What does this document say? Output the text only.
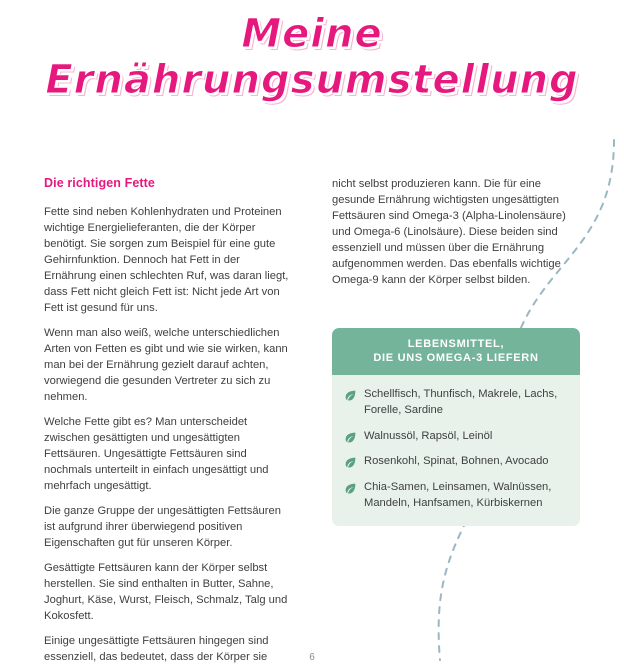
Meine
Ernährungsumstellung
Die richtigen Fette

Fette sind neben Kohlenhydraten und Proteinen wichtige Energielieferanten, die der Körper benötigt. Sie sorgen zum Beispiel für eine gute Gehirnfunktion. Dennoch hat Fett in der Ernährung einen schlechten Ruf, was daran liegt, dass Fett nicht gleich Fett ist: Nicht jede Art von Fett ist gesund für uns.

Wenn man also weiß, welche unterschiedlichen Arten von Fetten es gibt und wie sie wirken, kann man bei der Ernährung gezielt darauf achten, vorwiegend die gesunden Vertreter zu sich zu nehmen.

Welche Fette gibt es? Man unterscheidet zwischen gesättigten und ungesättigten Fettsäuren. Ungesättigte Fettsäuren sind nochmals unterteilt in einfach ungesättigt und mehrfach ungesättigt.

Die ganze Gruppe der ungesättigten Fettsäuren ist aufgrund ihrer überwiegend positiven Eigenschaften gut für unseren Körper.

Gesättigte Fettsäuren kann der Körper selbst herstellen. Sie sind enthalten in Butter, Sahne, Joghurt, Käse, Wurst, Fleisch, Schmalz, Talg und Kokosfett.

Einige ungesättigte Fettsäuren hingegen sind essenziell, das bedeutet, dass der Körper sie

nicht selbst produzieren kann. Die für eine gesunde Ernährung wichtigsten ungesättigten Fettsäuren sind Omega-3 (Alpha-Linolensäure) und Omega-6 (Linolsäure). Diese beiden sind essenziell und müssen über die Ernährung aufgenommen werden. Das ebenfalls wichtige Omega-9 kann der Körper selbst bilden.

LEBENSMITTEL,
DIE UNS OMEGA-3 LIEFERN
Schellfisch, Thunfisch, Makrele, Lachs, Forelle, Sardine
Walnussöl, Rapsöl, Leinöl
Rosenkohl, Spinat, Bohnen, Avocado
Chia-Samen, Leinsamen, Walnüssen, Mandeln, Hanfsamen, Kürbiskernen
6
